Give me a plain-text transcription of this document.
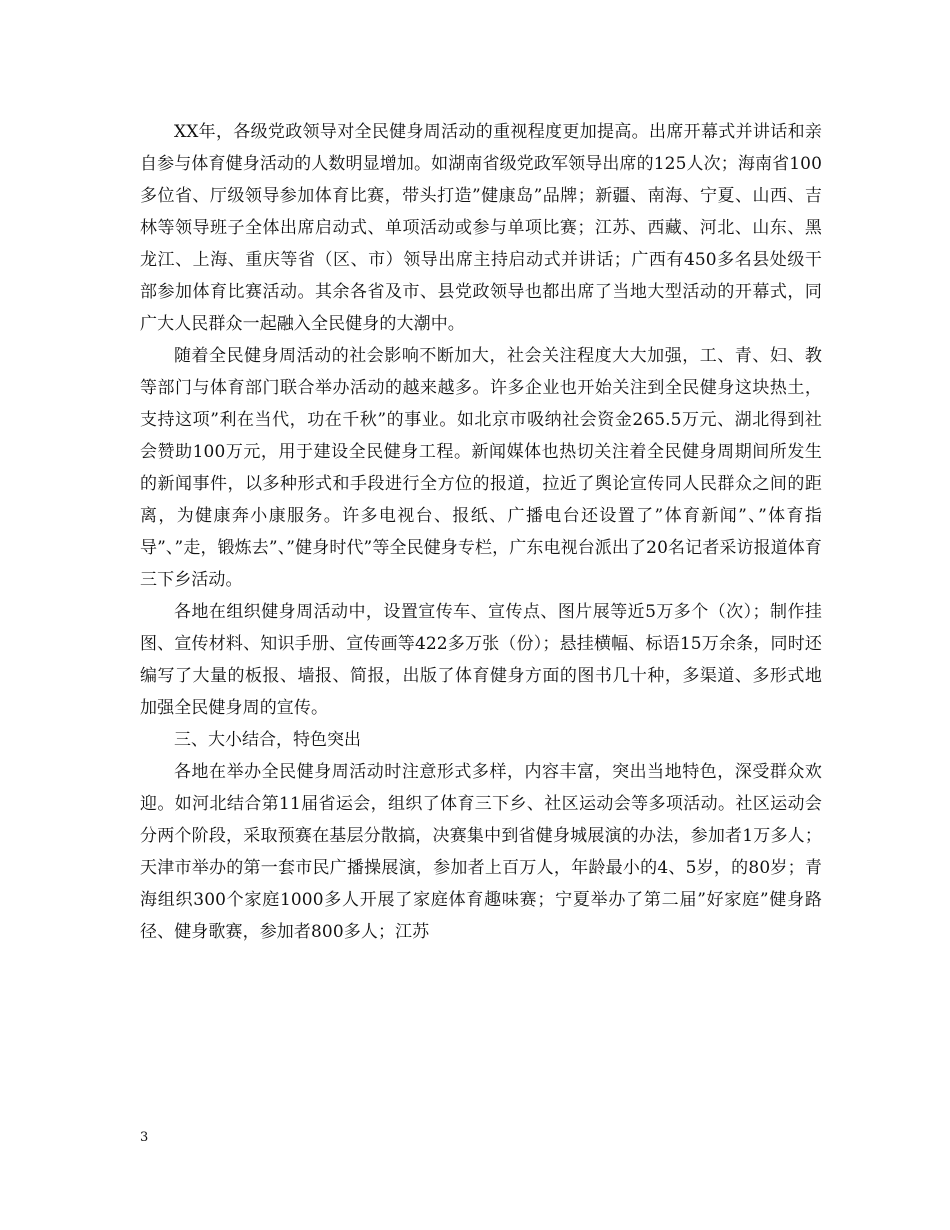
XX年，各级党政领导对全民健身周活动的重视程度更加提高。出席开幕式并讲话和亲自参与体育健身活动的人数明显增加。如湖南省级党政军领导出席的125人次；海南省100多位省、厅级领导参加体育比赛，带头打造”健康岛”品牌；新疆、南海、宁夏、山西、吉林等领导班子全体出席启动式、单项活动或参与单项比赛；江苏、西藏、河北、山东、黑龙江、上海、重庆等省（区、市）领导出席主持启动式并讲话；广西有450多名县处级干部参加体育比赛活动。其余各省及市、县党政领导也都出席了当地大型活动的开幕式，同广大人民群众一起融入全民健身的大潮中。

随着全民健身周活动的社会影响不断加大，社会关注程度大大加强，工、青、妇、教等部门与体育部门联合举办活动的越来越多。许多企业也开始关注到全民健身这块热土，支持这项”利在当代，功在千秋”的事业。如北京市吸纳社会资金265.5万元、湖北得到社会赞助100万元，用于建设全民健身工程。新闻媒体也热切关注着全民健身周期间所发生的新闻事件，以多种形式和手段进行全方位的报道，拉近了舆论宣传同人民群众之间的距离，为健康奔小康服务。许多电视台、报纸、广播电台还设置了”体育新闻”、”体育指导”、”走，锻炼去”、”健身时代”等全民健身专栏，广东电视台派出了20名记者采访报道体育三下乡活动。

各地在组织健身周活动中，设置宣传车、宣传点、图片展等近5万多个（次）；制作挂图、宣传材料、知识手册、宣传画等422多万张（份）；悬挂横幅、标语15万余条，同时还编写了大量的板报、墙报、简报，出版了体育健身方面的图书几十种，多渠道、多形式地加强全民健身周的宣传。

三、大小结合，特色突出

各地在举办全民健身周活动时注意形式多样，内容丰富，突出当地特色，深受群众欢迎。如河北结合第11届省运会，组织了体育三下乡、社区运动会等多项活动。社区运动会分两个阶段，采取预赛在基层分散搞，决赛集中到省健身城展演的办法，参加者1万多人；天津市举办的第一套市民广播操展演，参加者上百万人，年龄最小的4、5岁，的80岁；青海组织300个家庭1000多人开展了家庭体育趣味赛；宁夏举办了第二届”好家庭”健身路径、健身歌赛，参加者800多人；江苏

3
